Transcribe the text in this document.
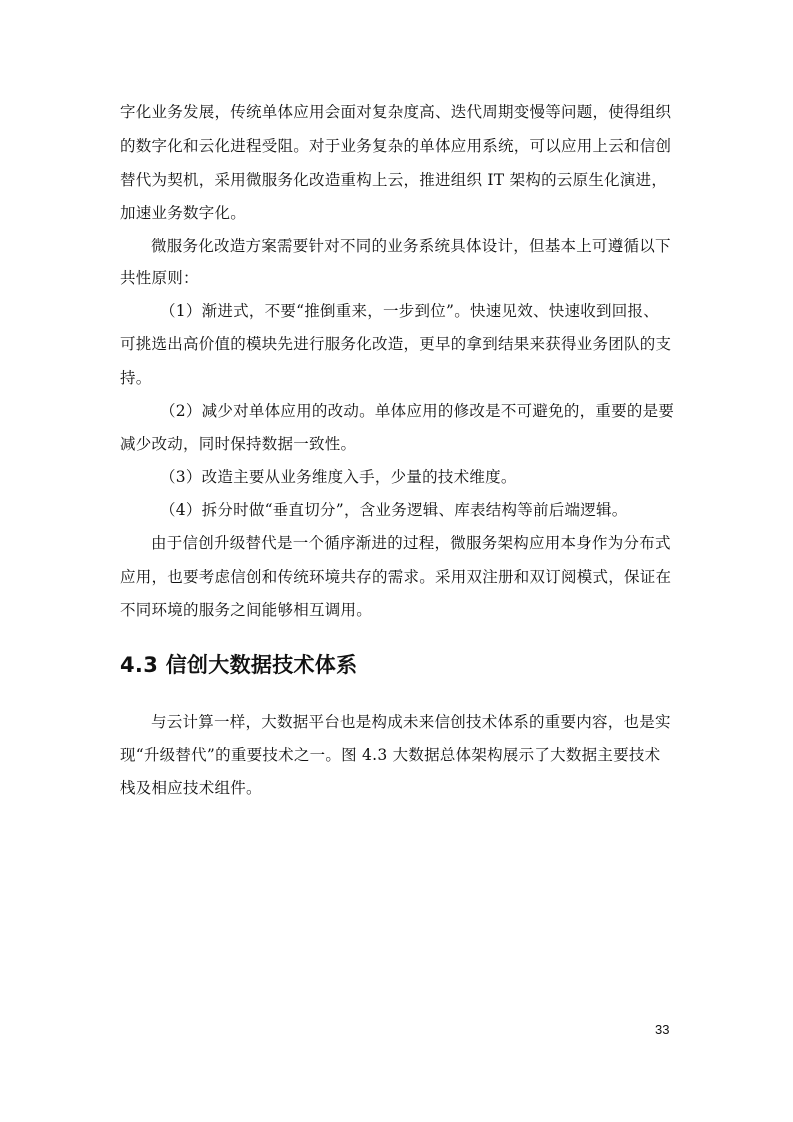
字化业务发展，传统单体应用会面对复杂度高、迭代周期变慢等问题，使得组织
的数字化和云化进程受阻。对于业务复杂的单体应用系统，可以应用上云和信创
替代为契机，采用微服务化改造重构上云，推进组织 IT 架构的云原生化演进，
加速业务数字化。
微服务化改造方案需要针对不同的业务系统具体设计，但基本上可遵循以下
共性原则：
（1）渐进式，不要“推倒重来，一步到位”。快速见效、快速收到回报、
可挑选出高价值的模块先进行服务化改造，更早的拿到结果来获得业务团队的支
持。
（2）减少对单体应用的改动。单体应用的修改是不可避免的，重要的是要
减少改动，同时保持数据一致性。
（3）改造主要从业务维度入手，少量的技术维度。
（4）拆分时做“垂直切分”，含业务逻辑、库表结构等前后端逻辑。
由于信创升级替代是一个循序渐进的过程，微服务架构应用本身作为分布式
应用，也要考虑信创和传统环境共存的需求。采用双注册和双订阅模式，保证在
不同环境的服务之间能够相互调用。
4.3 信创大数据技术体系
与云计算一样，大数据平台也是构成未来信创技术体系的重要内容，也是实
现“升级替代”的重要技术之一。图 4.3 大数据总体架构展示了大数据主要技术
栈及相应技术组件。
33
